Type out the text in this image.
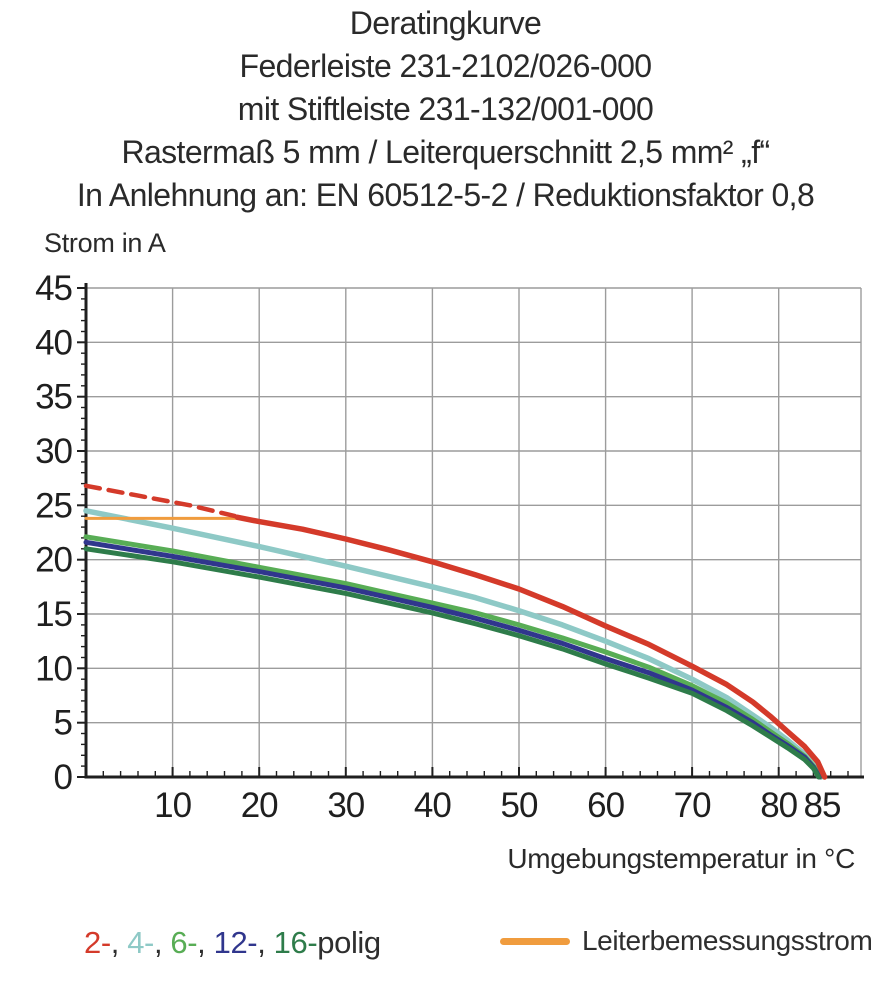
Deratingkurve
Federleiste 231-2102/026-000
mit Stiftleiste 231-132/001-000
Rastermaß 5 mm / Leiterquerschnitt 2,5 mm² „f“
In Anlehnung an: EN 60512-5-2 / Reduktionsfaktor 0,8
Strom in A
0
5
10
15
20
25
30
35
40
45
10 20 30 40 50 60 70 80 85
Umgebungstemperatur in °C
2-, 4-, 6-, 12-, 16-polig	Leiterbemessungsstrom
